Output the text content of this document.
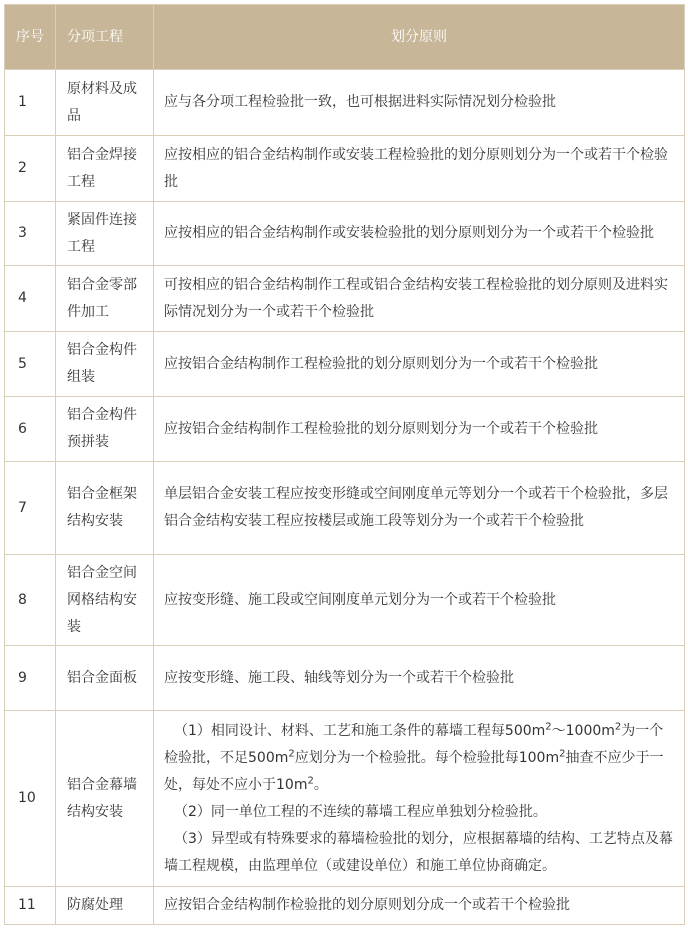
序号	分项工程	划分原则
1	原材料及成品	应与各分项工程检验批一致，也可根据进料实际情况划分检验批
2	铝合金焊接工程	应按相应的铝合金结构制作或安装工程检验批的划分原则划分为一个或若干个检验批
3	紧固件连接工程	应按相应的铝合金结构制作或安装检验批的划分原则划分为一个或若干个检验批
4	铝合金零部件加工	可按相应的铝合金结构制作工程或铝合金结构安装工程检验批的划分原则及进料实际情况划分为一个或若干个检验批
5	铝合金构件组装	应按铝合金结构制作工程检验批的划分原则划分为一个或若干个检验批
6	铝合金构件预拼装	应按铝合金结构制作工程检验批的划分原则划分为一个或若干个检验批
7	铝合金框架结构安装	单层铝合金安装工程应按变形缝或空间刚度单元等划分一个或若干个检验批，多层铝合金结构安装工程应按楼层或施工段等划分为一个或若干个检验批
8	铝合金空间网格结构安装	应按变形缝、施工段或空间刚度单元划分为一个或若干个检验批
9	铝合金面板	应按变形缝、施工段、轴线等划分为一个或若干个检验批
10	铝合金幕墙结构安装	（1）相同设计、材料、工艺和施工条件的幕墙工程每$500m^2\sim 1000m^2$为一个检验批，不足$500m^2$应划分为一个检验批。每个检验批每$100m^2$抽查不应少于一处，每处不应小于$10m^2$。
（2）同一单位工程的不连续的幕墙工程应单独划分检验批。
（3）异型或有特殊要求的幕墙检验批的划分，应根据幕墙的结构、工艺特点及幕墙工程规模，由监理单位（或建设单位）和施工单位协商确定。

11	防腐处理	应按铝合金结构制作检验批的划分原则划分成一个或若干个检验批
